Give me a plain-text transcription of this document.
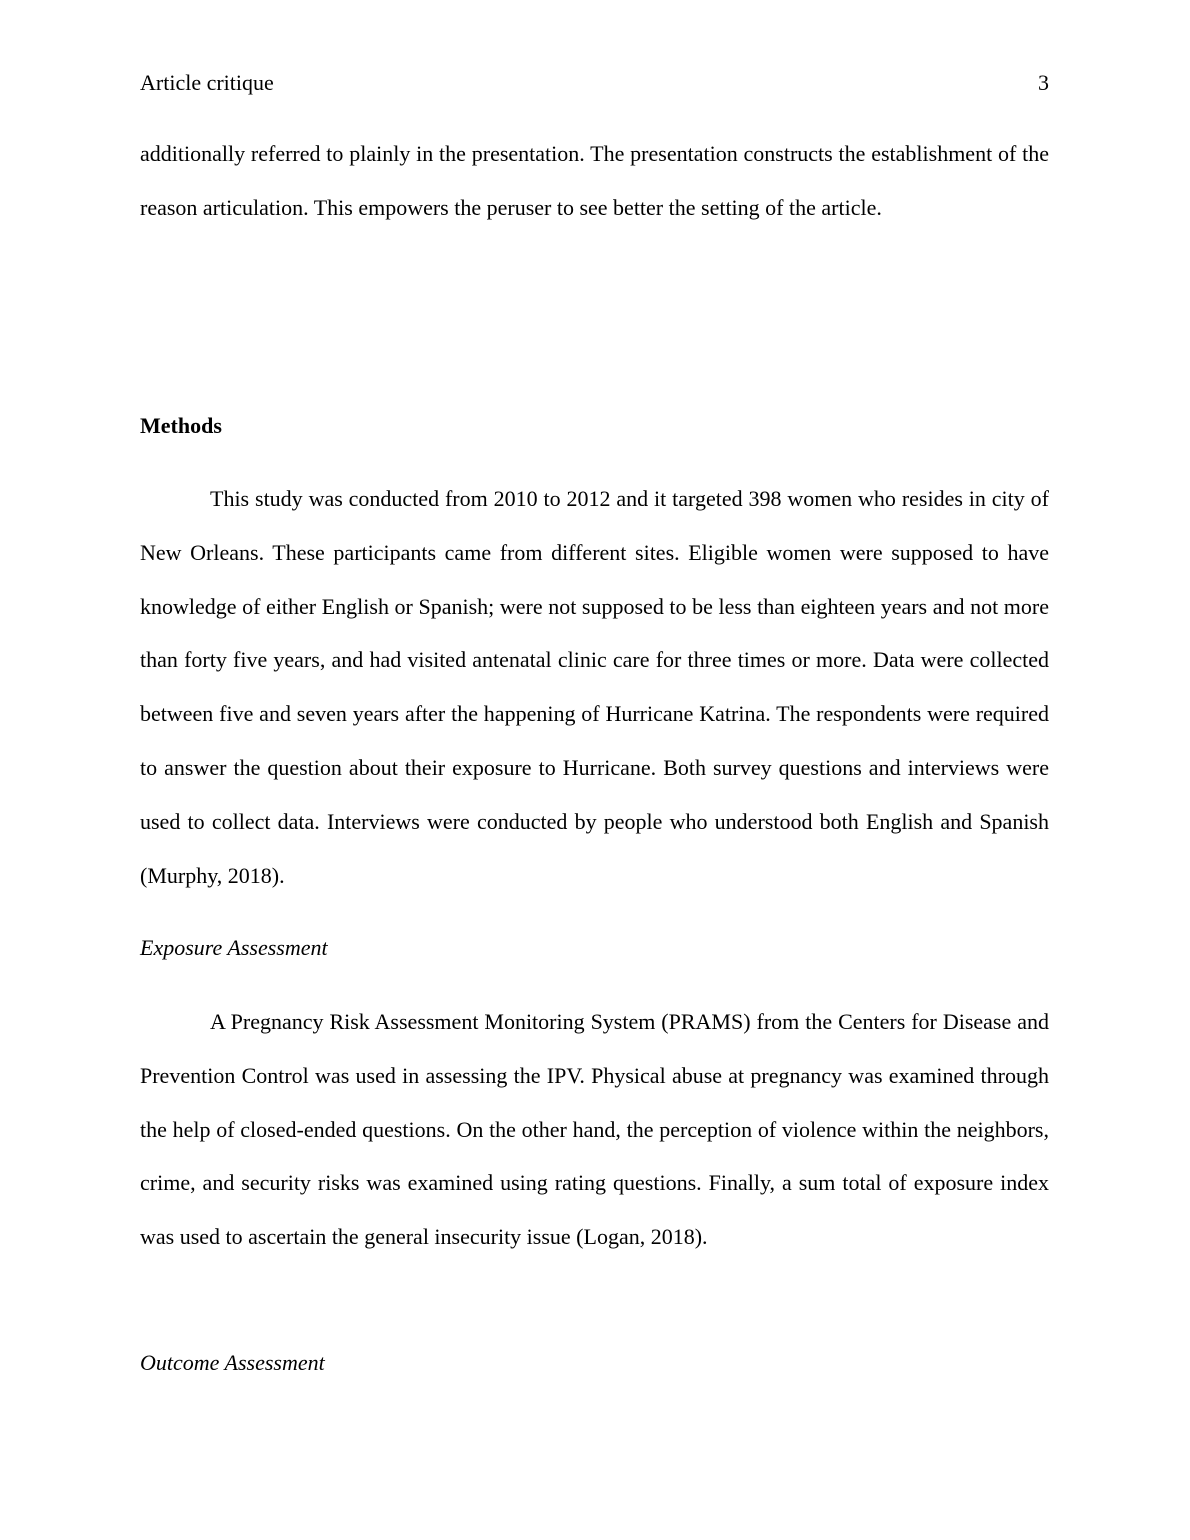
Article critique	3
additionally referred to plainly in the presentation. The presentation constructs the establishment of the reason articulation. This empowers the peruser to see better the setting of the article.
Methods
This study was conducted from 2010 to 2012 and it targeted 398 women who resides in city of New Orleans. These participants came from different sites. Eligible women were supposed to have knowledge of either English or Spanish; were not supposed to be less than eighteen years and not more than forty five years, and had visited antenatal clinic care for three times or more. Data were collected between five and seven years after the happening of Hurricane Katrina. The respondents were required to answer the question about their exposure to Hurricane. Both survey questions and interviews were used to collect data. Interviews were conducted by people who understood both English and Spanish (Murphy, 2018).
Exposure Assessment
A Pregnancy Risk Assessment Monitoring System (PRAMS) from the Centers for Disease and Prevention Control was used in assessing the IPV. Physical abuse at pregnancy was examined through the help of closed-ended questions. On the other hand, the perception of violence within the neighbors, crime, and security risks was examined using rating questions. Finally, a sum total of exposure index was used to ascertain the general insecurity issue (Logan, 2018).
Outcome Assessment
